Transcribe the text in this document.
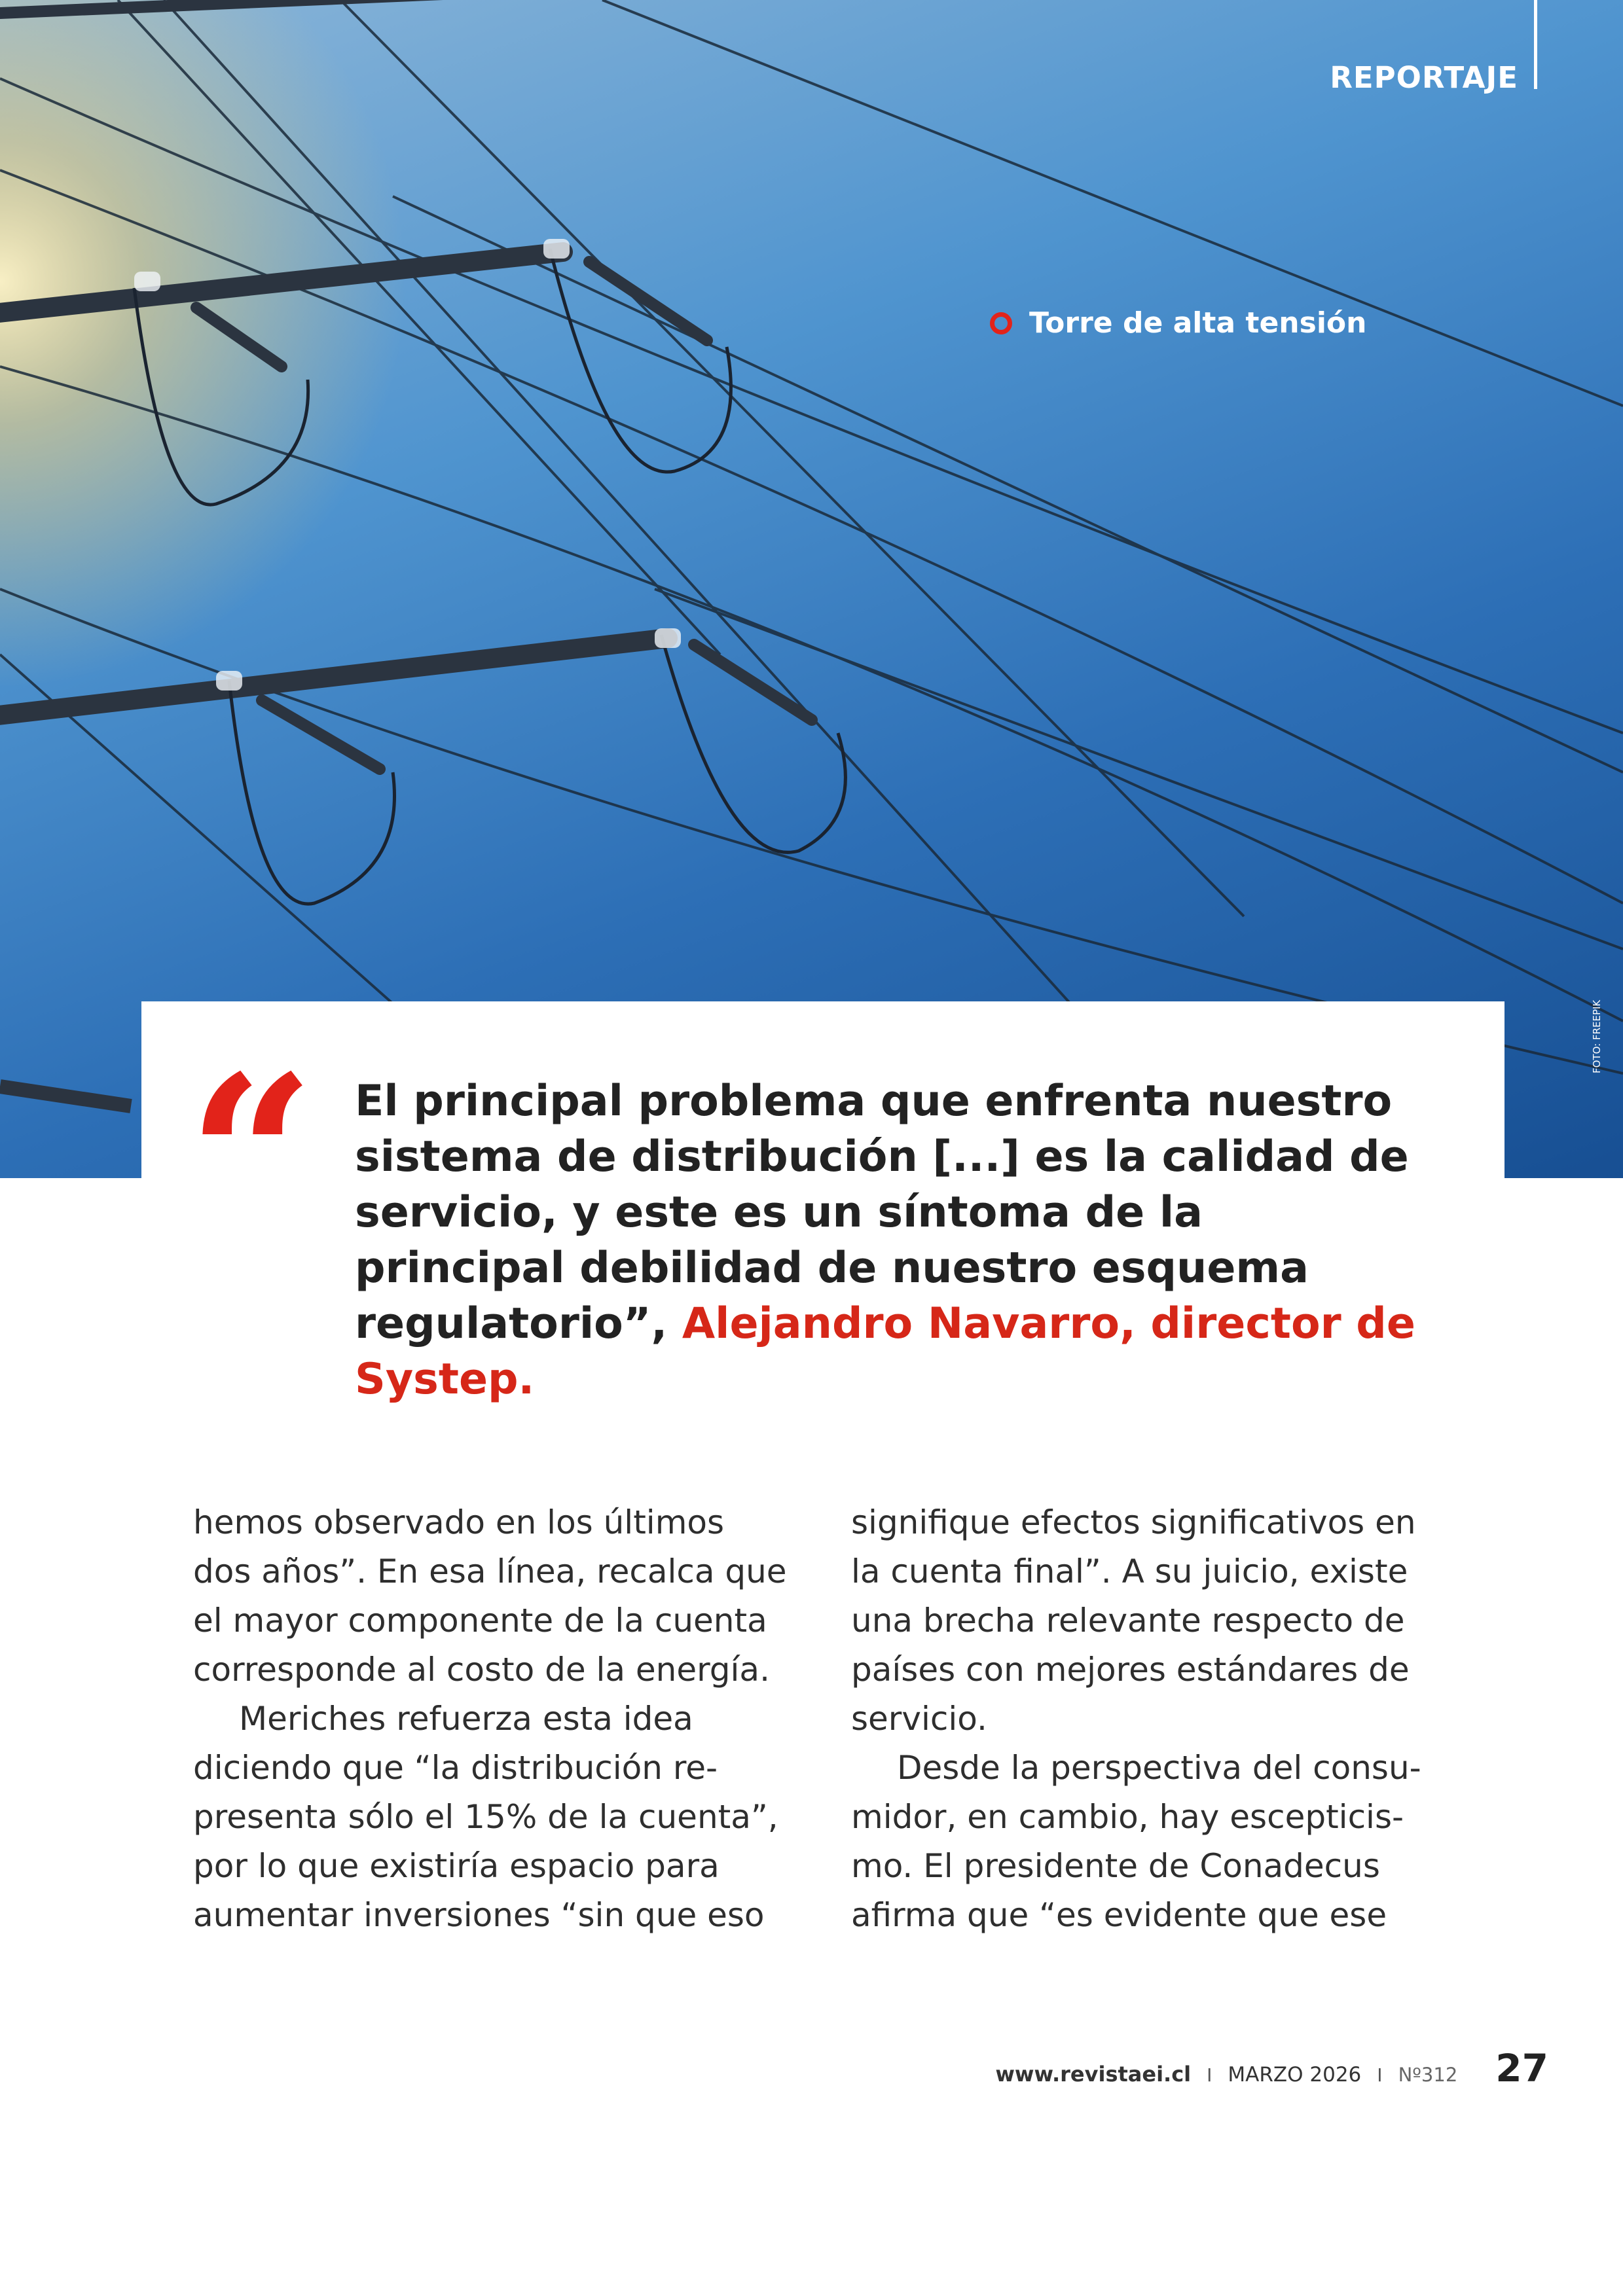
REPORTAJE
Torre de alta tensión
FOTO: FREEPIK
“ El principal problema que enfrenta nuestro sistema de distribución [...] es la calidad de servicio, y este es un síntoma de la principal debilidad de nuestro esquema regulatorio”, Alejandro Navarro, director de Systep.
hemos observado en los últimos
dos años”. En esa línea, recalca que
el mayor componente de la cuenta
corresponde al costo de la energía.
Meriches refuerza esta idea
diciendo que “la distribución re-
presenta sólo el 15% de la cuenta”,
por lo que existiría espacio para
aumentar inversiones “sin que eso
signifique efectos significativos en
la cuenta final”. A su juicio, existe
una brecha relevante respecto de
países con mejores estándares de
servicio.
Desde la perspectiva del consu-
midor, en cambio, hay escepticis-
mo. El presidente de Conadecus
afirma que “es evidente que ese
www.revistaei.cl I MARZO 2026 I Nº312 27
